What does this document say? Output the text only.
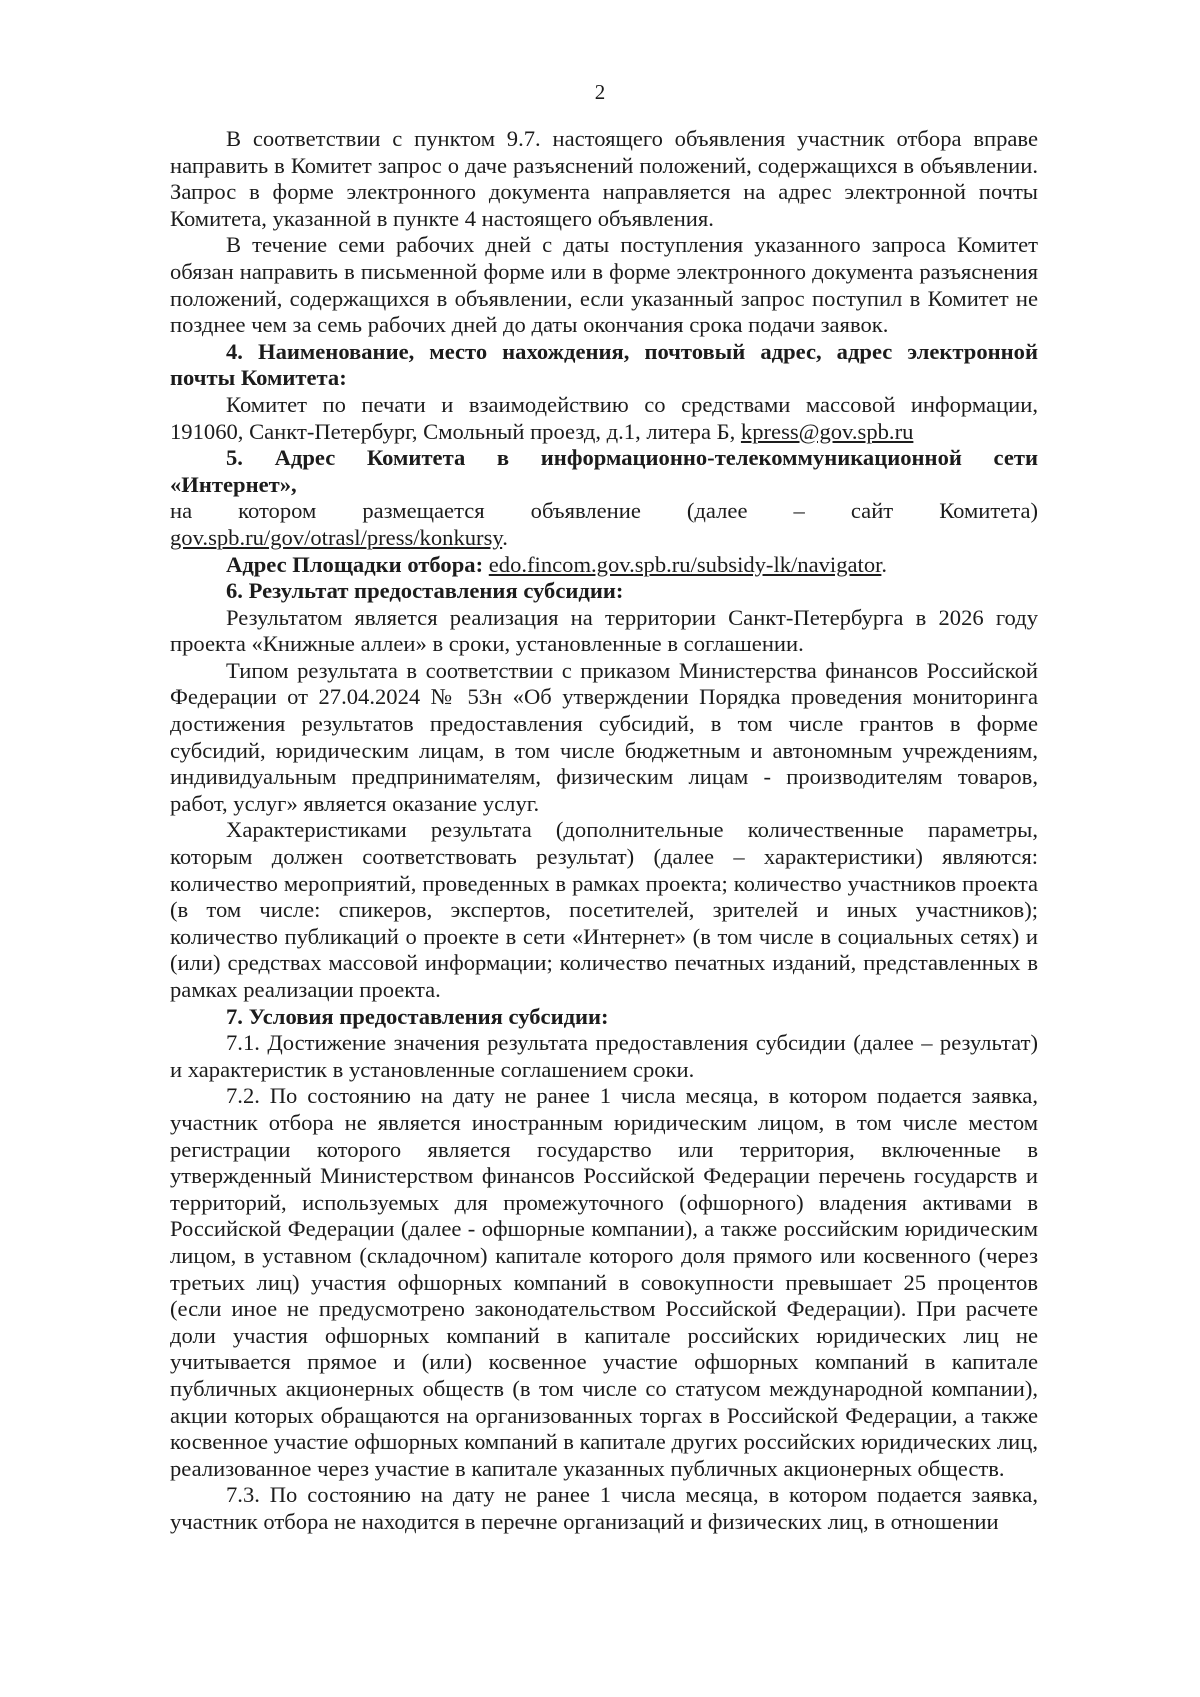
2

В соответствии с пунктом 9.7. настоящего объявления участник отбора вправе направить в Комитет запрос о даче разъяснений положений, содержащихся в объявлении. Запрос в форме электронного документа направляется на адрес электронной почты Комитета, указанной в пункте 4 настоящего объявления.

В течение семи рабочих дней с даты поступления указанного запроса Комитет обязан направить в письменной форме или в форме электронного документа разъяснения положений, содержащихся в объявлении, если указанный запрос поступил в Комитет не позднее чем за семь рабочих дней до даты окончания срока подачи заявок.

4. Наименование, место нахождения, почтовый адрес, адрес электронной почты Комитета:

Комитет по печати и взаимодействию со средствами массовой информации, 191060, Санкт-Петербург, Смольный проезд, д.1, литера Б, kpress@gov.spb.ru

5. Адрес Комитета в информационно-телекоммуникационной сети «Интернет»,

на котором размещается объявление (далее – сайт Комитета) gov.spb.ru/gov/otrasl/press/konkursy.

Адрес Площадки отбора: edo.fincom.gov.spb.ru/subsidy-lk/navigator.

6. Результат предоставления субсидии:

Результатом является реализация на территории Санкт-Петербурга в 2026 году проекта «Книжные аллеи» в сроки, установленные в соглашении.

Типом результата в соответствии с приказом Министерства финансов Российской Федерации от 27.04.2024 № 53н «Об утверждении Порядка проведения мониторинга достижения результатов предоставления субсидий, в том числе грантов в форме субсидий, юридическим лицам, в том числе бюджетным и автономным учреждениям, индивидуальным предпринимателям, физическим лицам - производителям товаров, работ, услуг» является оказание услуг.

Характеристиками результата (дополнительные количественные параметры, которым должен соответствовать результат) (далее – характеристики) являются: количество мероприятий, проведенных в рамках проекта; количество участников проекта (в том числе: спикеров, экспертов, посетителей, зрителей и иных участников); количество публикаций о проекте в сети «Интернет» (в том числе в социальных сетях) и (или) средствах массовой информации; количество печатных изданий, представленных в рамках реализации проекта.

7. Условия предоставления субсидии:

7.1. Достижение значения результата предоставления субсидии (далее – результат) и характеристик в установленные соглашением сроки.

7.2. По состоянию на дату не ранее 1 числа месяца, в котором подается заявка, участник отбора не является иностранным юридическим лицом, в том числе местом регистрации которого является государство или территория, включенные в утвержденный Министерством финансов Российской Федерации перечень государств и территорий, используемых для промежуточного (офшорного) владения активами в Российской Федерации (далее - офшорные компании), а также российским юридическим лицом, в уставном (складочном) капитале которого доля прямого или косвенного (через третьих лиц) участия офшорных компаний в совокупности превышает 25 процентов (если иное не предусмотрено законодательством Российской Федерации). При расчете доли участия офшорных компаний в капитале российских юридических лиц не учитывается прямое и (или) косвенное участие офшорных компаний в капитале публичных акционерных обществ (в том числе со статусом международной компании), акции которых обращаются на организованных торгах в Российской Федерации, а также косвенное участие офшорных компаний в капитале других российских юридических лиц, реализованное через участие в капитале указанных публичных акционерных обществ.

7.3. По состоянию на дату не ранее 1 числа месяца, в котором подается заявка, участник отбора не находится в перечне организаций и физических лиц, в отношении
